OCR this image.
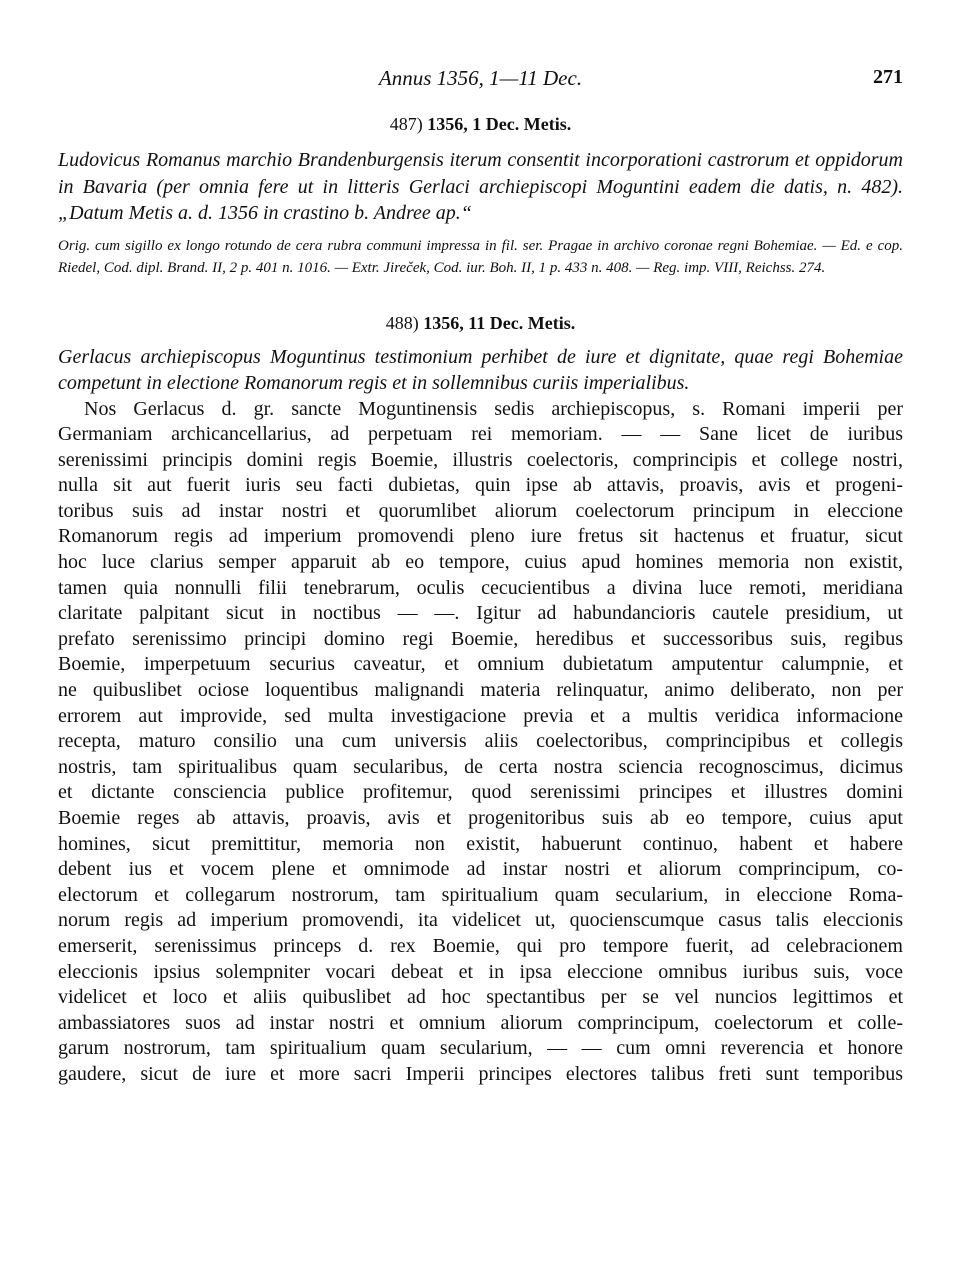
Annus 1356, 1—11 Dec.	271
487) 1356, 1 Dec. Metis.

Ludovicus Romanus marchio Brandenburgensis iterum consentit incorporationi castrorum et oppidorum in Bavaria (per omnia fere ut in litteris Gerlaci archiepiscopi Moguntini eadem die datis, n. 482). „Datum Metis a. d. 1356 in crastino b. Andree ap.“

Orig. cum sigillo ex longo rotundo de cera rubra communi impressa in fil. ser. Pragae in archivo coronae regni Bohemiae. — Ed. e cop. Riedel, Cod. dipl. Brand. II, 2 p. 401 n. 1016. — Extr. Jireček, Cod. iur. Boh. II, 1 p. 433 n. 408. — Reg. imp. VIII, Reichss. 274.

488) 1356, 11 Dec. Metis.

Gerlacus archiepiscopus Moguntinus testimonium perhibet de iure et dignitate, quae regi Bohemiae competunt in electione Romanorum regis et in sollemnibus curiis imperialibus.

Nos Gerlacus d. gr. sancte Moguntinensis sedis archiepiscopus, s. Romani imperii per
Germaniam archicancellarius, ad perpetuam rei memoriam. — — Sane licet de iuribus
serenissimi principis domini regis Boemie, illustris coelectoris, comprincipis et collegе nostri,
nulla sit aut fuerit iuris seu facti dubietas, quin ipse ab attavis, proavis, avis et progeni-
toribus suis ad instar nostri et quorumlibet aliorum coelectorum principum in eleccione
Romanorum regis ad imperium promovendi pleno iure fretus sit hactenus et fruatur, sicut
hoc luce clarius semper apparuit ab eo tempore, cuius apud homines memoria non existit,
tamen quia nonnulli filii tenebrarum, oculis cecucientibus a divina luce remoti, meridiana
claritate palpitant sicut in noctibus — —. Igitur ad habundancioris cautele presidium, ut
prefato serenissimo principi domino regi Boemie, heredibus et successoribus suis, regibus
Boemie, imperpetuum securius caveatur, et omnium dubietatum amputentur calumpnie, et
ne quibuslibet ociose loquentibus malignandi materia relinquatur, animo deliberato, non per
errorem aut improvide, sed multa investigacione previa et a multis veridica informacione
recepta, maturo consilio una cum universis aliis coelectoribus, comprincipibus et collegis
nostris, tam spiritualibus quam secularibus, de certa nostra sciencia recognoscimus, dicimus
et dictante consciencia publice profitemur, quod serenissimi principes et illustres domini
Boemie reges ab attavis, proavis, avis et progenitoribus suis ab eo tempore, cuius aput
homines, sicut premittitur, memoria non existit, habuerunt continuo, habent et habere
debent ius et vocem plene et omnimode ad instar nostri et aliorum comprincipum, co-
electorum et collegarum nostrorum, tam spiritualium quam secularium, in eleccione Roma-
norum regis ad imperium promovendi, ita videlicet ut, quocienscumque casus talis eleccionis
emerserit, serenissimus princeps d. rex Boemie, qui pro tempore fuerit, ad celebracionem
eleccionis ipsius solempniter vocari debeat et in ipsa eleccione omnibus iuribus suis, voce
videlicet et loco et aliis quibuslibet ad hoc spectantibus per se vel nuncios legittimos et
ambassiatores suos ad instar nostri et omnium aliorum comprincipum, coelectorum et colle-
garum nostrorum, tam spiritualium quam secularium, — — cum omni reverencia et honore
gaudere, sicut de iure et more sacri Imperii principes electores talibus freti sunt temporibus
